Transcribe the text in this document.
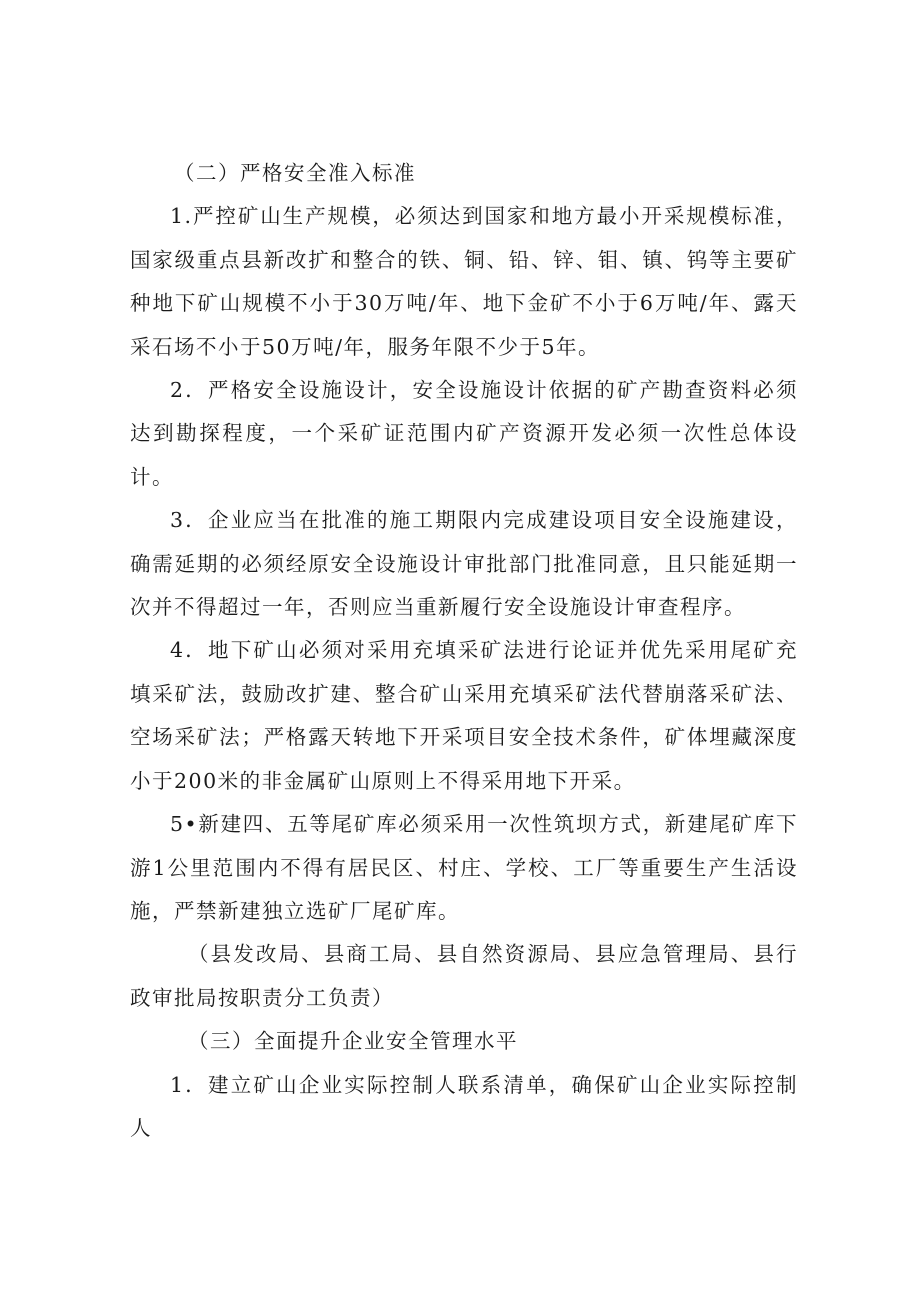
（二）严格安全准入标准

1.严控矿山生产规模，必须达到国家和地方最小开采规模标准，国家级重点县新改扩和整合的铁、铜、铅、锌、钼、镇、钨等主要矿种地下矿山规模不小于30万吨/年、地下金矿不小于6万吨/年、露天采石场不小于50万吨/年，服务年限不少于5年。

2．严格安全设施设计，安全设施设计依据的矿产勘查资料必须达到勘探程度，一个采矿证范围内矿产资源开发必须一次性总体设计。

3．企业应当在批准的施工期限内完成建设项目安全设施建设，确需延期的必须经原安全设施设计审批部门批准同意，且只能延期一次并不得超过一年，否则应当重新履行安全设施设计审查程序。

4．地下矿山必须对采用充填采矿法进行论证并优先采用尾矿充填采矿法，鼓励改扩建、整合矿山采用充填采矿法代替崩落采矿法、空场采矿法；严格露天转地下开采项目安全技术条件，矿体埋藏深度小于200米的非金属矿山原则上不得采用地下开采。

5•新建四、五等尾矿库必须采用一次性筑坝方式，新建尾矿库下游1公里范围内不得有居民区、村庄、学校、工厂等重要生产生活设施，严禁新建独立选矿厂尾矿库。

（县发改局、县商工局、县自然资源局、县应急管理局、县行政审批局按职责分工负责）

（三）全面提升企业安全管理水平

1．建立矿山企业实际控制人联系清单，确保矿山企业实际控制人
